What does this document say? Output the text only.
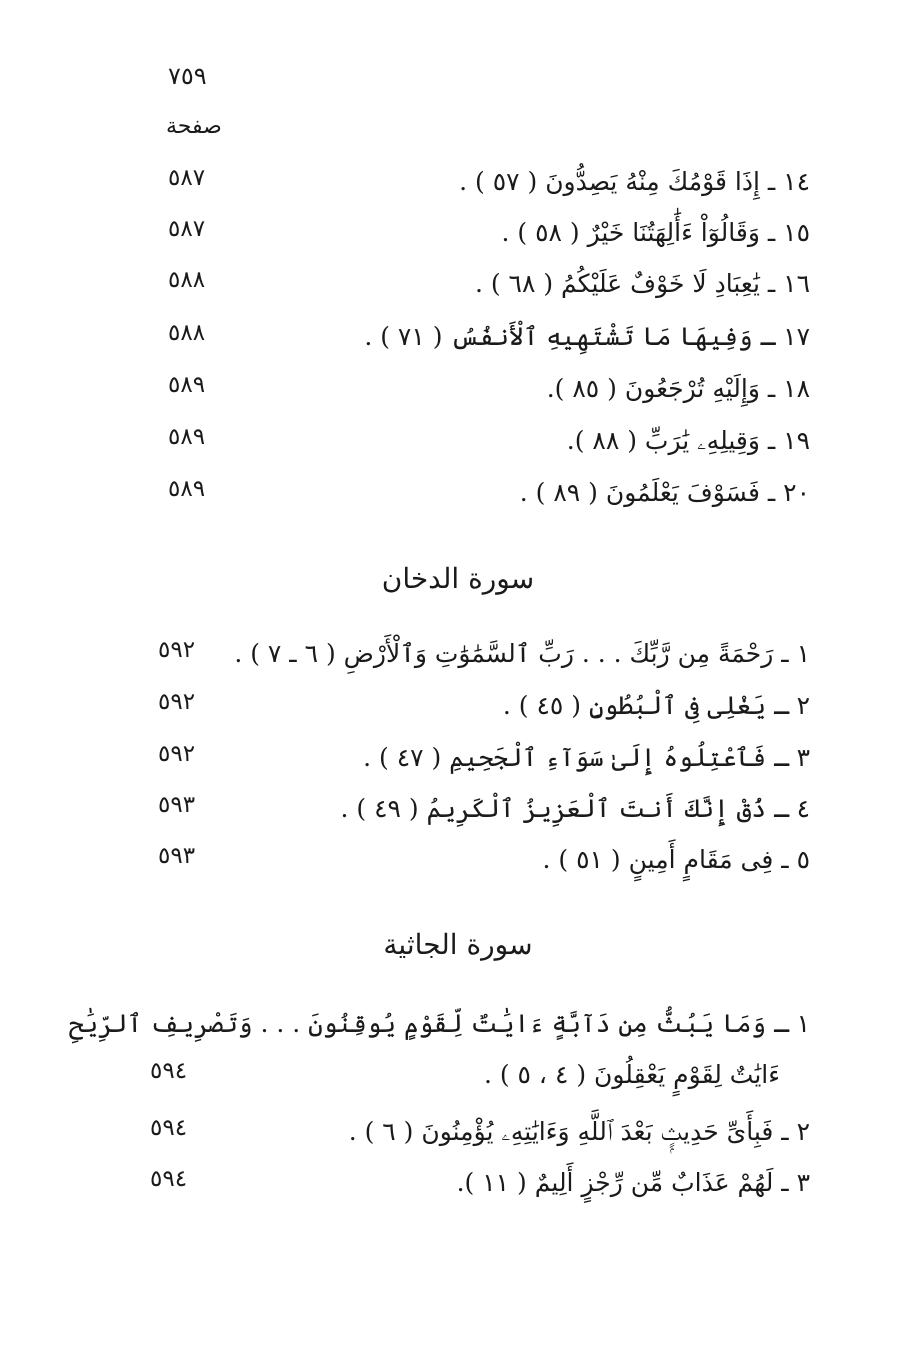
٧٥٩
صفحة
١٤ ـ إِذَا قَوْمُكَ مِنْهُ يَصِدُّونَ ( ٥٧ ) .
٥٨٧
١٥ ـ وَقَالُوٓاْ ءَأَٰلِهَتُنَا خَيْرٌ ( ٥٨ ) .
٥٨٧
١٦ ـ يَٰعِبَادِ لَا خَوْفٌ عَلَيْكُمُ ( ٦٨ ) .
٥٨٨
١٧ ـ وَفِيهَا مَا تَشْتَهِيهِ ٱلْأَنفُسُ ( ٧١ ) .
٥٨٨
١٨ ـ وَإِلَيْهِ تُرْجَعُونَ ( ٨٥ ).
٥٨٩
١٩ ـ وَقِيلِهِۦ يَٰرَبِّ ( ٨٨ ).
٥٨٩
٢٠ ـ فَسَوْفَ يَعْلَمُونَ ( ٨٩ ) .
٥٨٩
سورة الدخان
١ ـ رَحْمَةً مِن رَّبِّكَ . . . رَبِّ ٱلسَّمَٰوَٰتِ وَٱلْأَرْضِ ( ٦ ـ ٧ ) .
٥٩٢
٢ ـ يَغْلِى فِى ٱلْبُطُونِ ( ٤٥ ) .
٥٩٢
٣ ـ فَٱعْتِلُوهُ إِلَىٰ سَوَآءِ ٱلْجَحِيمِ ( ٤٧ ) .
٥٩٢
٤ ـ ذُقْ إِنَّكَ أَنتَ ٱلْعَزِيزُ ٱلْكَرِيمُ ( ٤٩ ) .
٥٩٣
٥ ـ فِى مَقَامٍ أَمِينٍ ( ٥١ ) .
٥٩٣
سورة الجاثية
١ ـ وَمَا يَبُثُّ مِن دَآبَّةٍ ءَايَٰتٌ لِّقَوْمٍ يُوقِنُونَ . . . وَتَصْرِيفِ ٱلرِّيَٰحِ
ءَايَٰتٌ لِقَوْمٍ يَعْقِلُونَ ( ٤ ، ٥ ) .
٥٩٤
٢ ـ فَبِأَىِّ حَدِيثٍۭ بَعْدَ ٱللَّهِ وَءَايَٰتِهِۦ يُؤْمِنُونَ ( ٦ ) .
٥٩٤
٣ ـ لَهُمْ عَذَابٌ مِّن رِّجْزٍ أَلِيمٌ ( ١١ ).
٥٩٤
